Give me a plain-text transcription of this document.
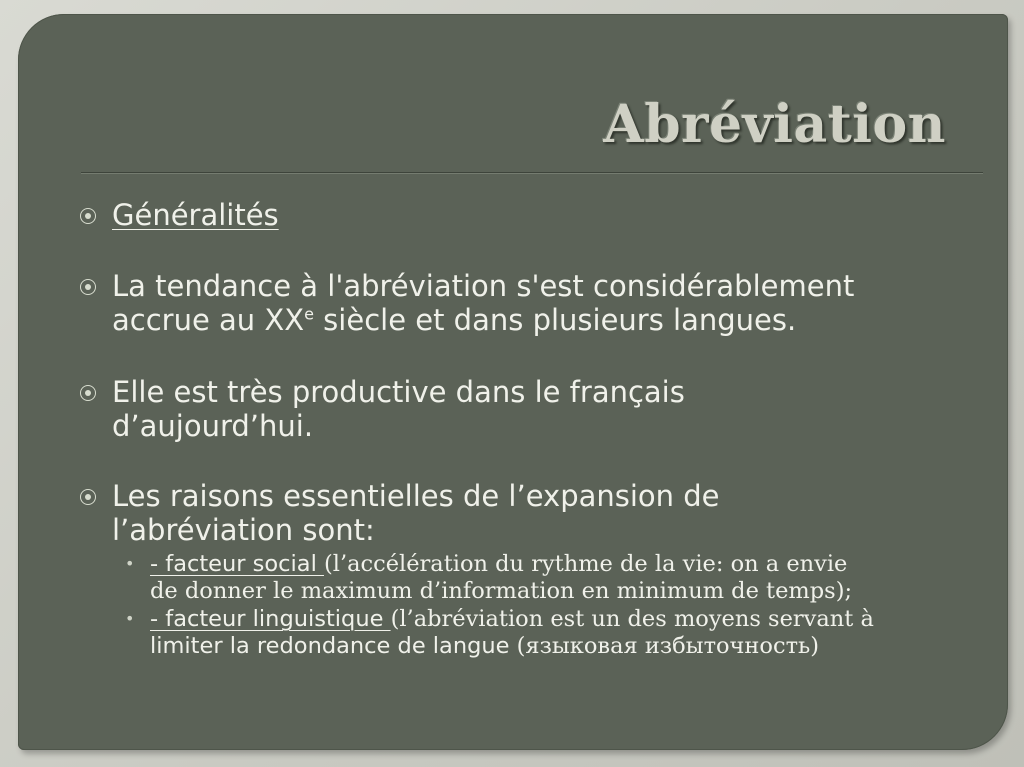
Abréviation
Généralités
La tendance à l'abréviation s'est considérablement
accrue au XXe siècle et dans plusieurs langues.
Elle est très productive dans le français
d’aujourd’hui.
Les raisons essentielles de l’expansion de
l’abréviation sont:
• - facteur social (l’accélération du rythme de la vie: on a envie
de donner le maximum d’information en minimum de temps);
• - facteur linguistique (l’abréviation est un des moyens servant à
limiter la redondance de langue (языковая избыточность)
